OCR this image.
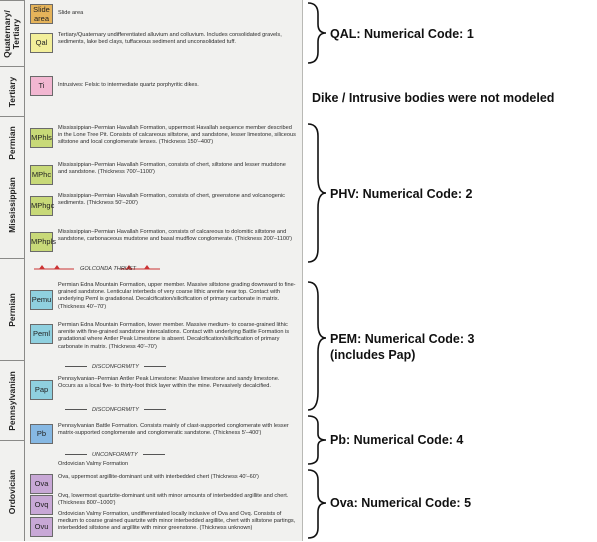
Quaternary/
Tertiary
Tertiary
Permian
Mississippian
Permian
Pennsylvanian
Ordovician
Slide
area
Slide area
Qal
Tertiary/Quaternary undifferentiated alluvium and colluvium. Includes consolidated gravels, sediments, lake bed clays, tuffaceous sediment and unconsolidated tuff.
Ti	Intrusives: Felsic to intermediate quartz porphyritic dikes.
MPhls
Mississippian–Permian Havallah Formation, uppermost Havallah sequence member described in the Lone Tree Pit. Consists of calcareous siltstone, and sandstone, lesser limestone, siliceous siltstone and local conglomerate lenses. (Thickness 150'–400')
MPhc
Mississippian–Permian Havallah Formation, consists of chert, siltstone and lesser mudstone and sandstone. (Thickness 700'–1100')
MPhgc
Mississippian–Permian Havallah Formation, consists of chert, greenstone and volcanogenic sediments. (Thickness 50'–200')
MPhpls
Mississippian–Permian Havallah Formation, consists of calcareous to dolomitic siltstone and sandstone, carbonaceous mudstone and basal mudflow conglomerate. (Thickness 200'–1100')
GOLCONDA THRUST
Pemu
Permian Edna Mountain Formation, upper member. Massive siltstone grading downward to fine-grained sandstone. Lenticular interbeds of very coarse lithic arenite near top. Contact with underlying Peml is gradational. Decalcification/silicification of primary carbonate in matrix. (Thickness 40'–70')
Peml
Permian Edna Mountain Formation, lower member. Massive medium- to coarse-grained lithic arenite with fine-grained sandstone intercalations. Contact with underlying Battle Formation is gradational where Antler Peak Limestone is absent. Decalcification/silicification of primary carbonate in matrix. (Thickness 40'–70')
DISCONFORMITY
Pap
Pennsylvanian–Permian Antler Peak Limestone: Massive limestone and sandy limestone. Occurs as a local five- to thirty-foot thick layer within the mine. Pervasively decalcified.
DISCONFORMITY
Pb
Pennsylvanian Battle Formation. Consists mainly of clast-supported conglomerate with lesser matrix-supported conglomerate and conglomeratic sandstone. (Thickness 5'–400')
UNCONFORMITY
Ordovician Valmy Formation
Ova
Ova, uppermost argillite-dominant unit with interbedded chert (Thickness 40'–60')
Ovq
Ovq, lowermost quartzite-dominant unit with minor amounts of interbedded argillite and chert. (Thickness 800'–1000')
Ovu
Ordovician Valmy Formation, undifferentiated locally inclusive of Ova and Ovq. Consists of medium to coarse grained quartzite with minor interbedded argillite, chert with siltstone partings, interbedded siltstone and argillite with minor greenstone. (Thickness unknown)
QAL: Numerical Code: 1
Dike / Intrusive bodies were not modeled
PHV: Numerical Code: 2
PEM: Numerical Code: 3
(includes Pap)
Pb: Numerical Code: 4
Ova: Numerical Code: 5
